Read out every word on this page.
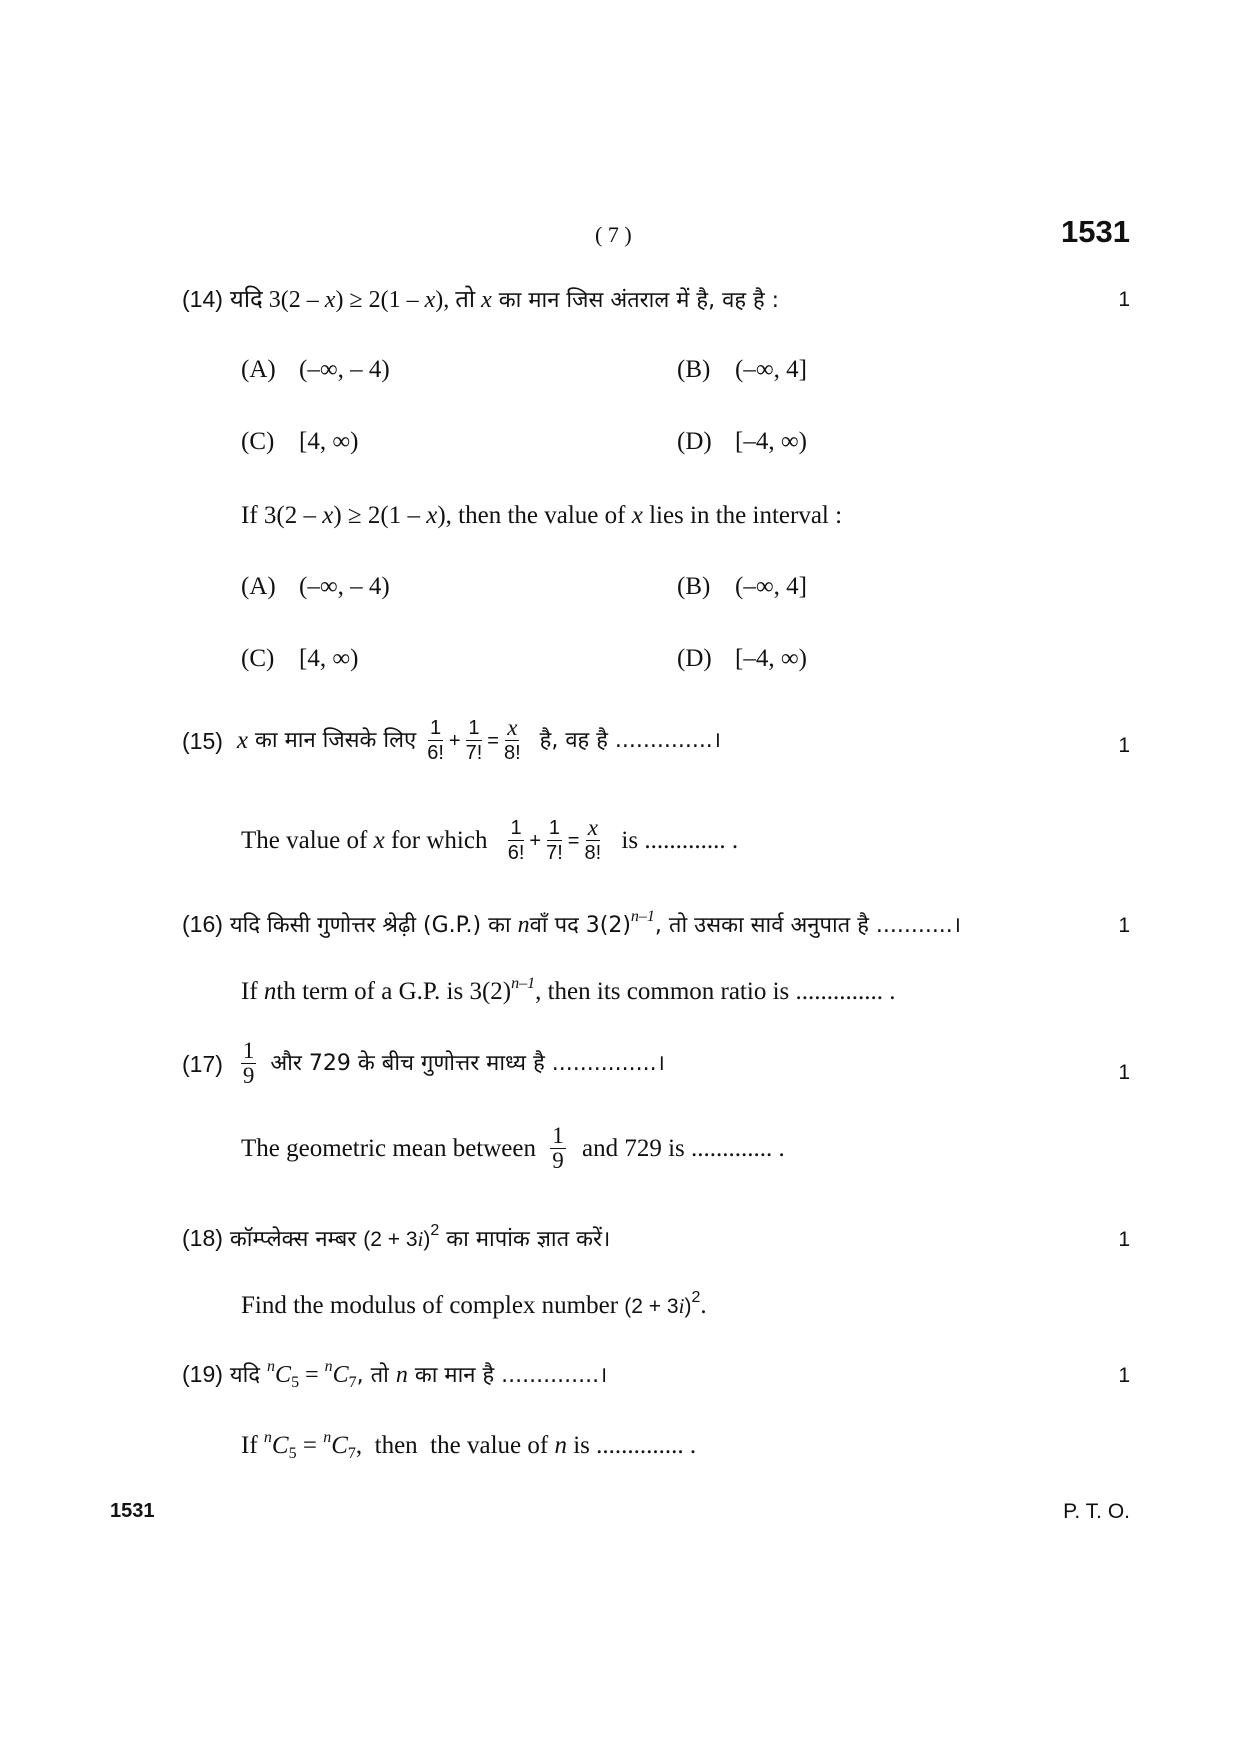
( 7 )	1531
(14) यदि 3(2 – x) ≥ 2(1 – x), तो x का मान जिस अंतराल में है, वह है :	1
(A) (–∞, – 4)	(B) (–∞, 4]
(C) [4, ∞)	(D) [–4, ∞)
If 3(2 – x) ≥ 2(1 – x), then the value of x lies in the interval :
(A) (–∞, – 4)	(B) (–∞, 4]
(C) [4, ∞)	(D) [–4, ∞)
(15) x का मान जिसके लिए $\frac{1}{6!} + \frac{1}{7!} = \frac{x}{8!}$ है, वह है ..............।	1
The value of x for which $\frac{1}{6!} + \frac{1}{7!} = \frac{x}{8!}$ is ............. .
(16) यदि किसी गुणोत्तर श्रेढ़ी (G.P.) का nवाँ पद $3(2)^{n-1}$, तो उसका सार्व अनुपात है ...........।	1
If nth term of a G.P. is $3(2)^{n-1}$, then its common ratio is .............. .
$(17) \frac{1}{9}$ और 729 के बीच गुणोत्तर माध्य है ...............।	1
The geometric mean between $\frac{1}{9}$ and 729 is ............. .
(18) कॉम्प्लेक्स नम्बर $(2 + 3i)^2$ का मापांक ज्ञात करें।	1
Find the modulus of complex number $(2 + 3i)^2$.
(19) यदि $^nC_5 = ^nC_7$, तो n का मान है ..............।	1
If $^nC_5 = ^nC_7$,  then  the value of n is .............. .
1531	P. T. O.
